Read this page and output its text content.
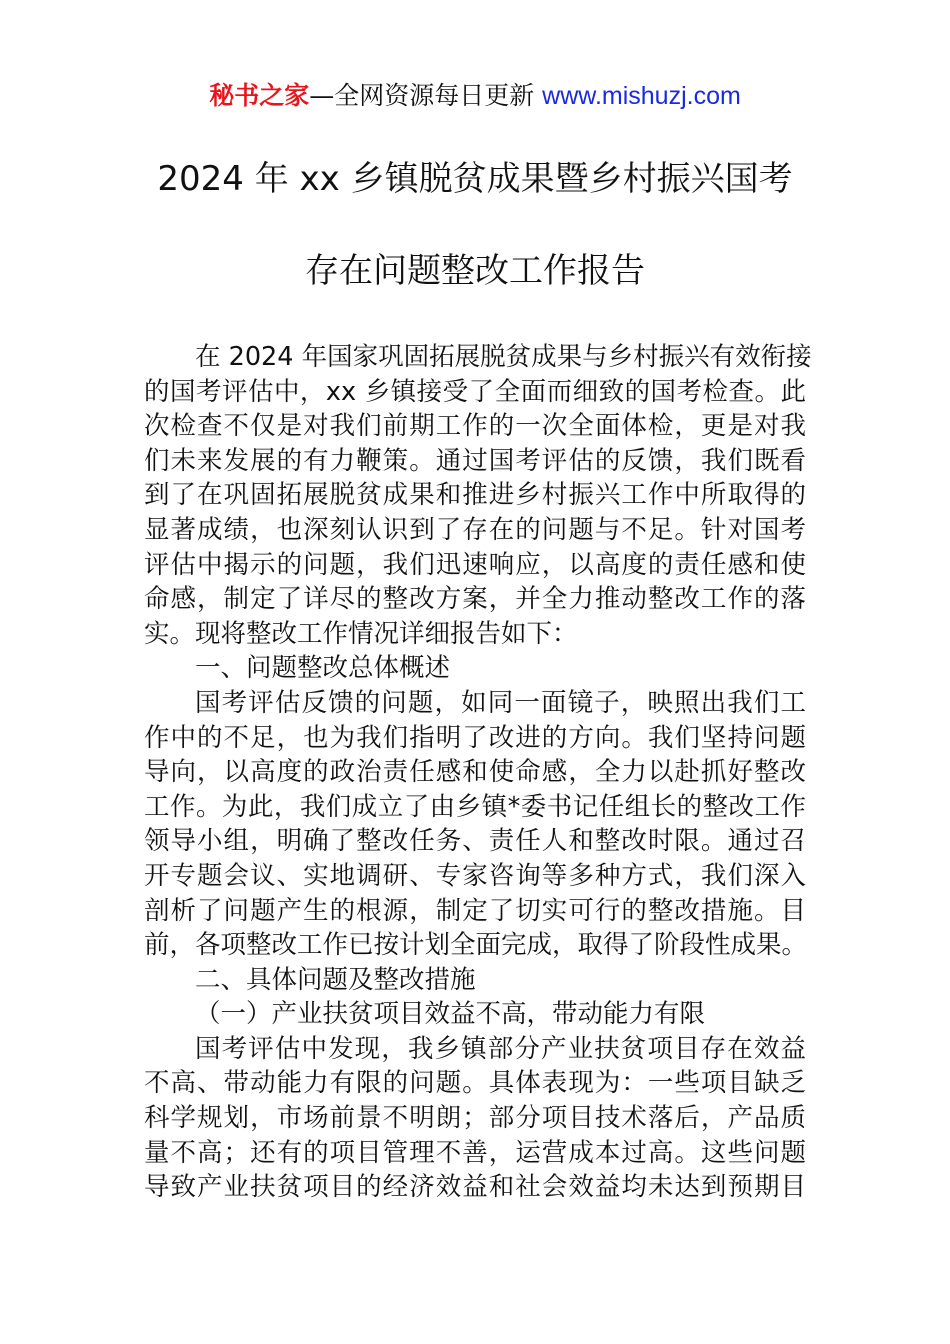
秘书之家—全网资源每日更新 www.mishuzj.com
2024 年 xx 乡镇脱贫成果暨乡村振兴国考
存在问题整改工作报告
在 2024 年国家巩固拓展脱贫成果与乡村振兴有效衔接
的国考评估中，xx 乡镇接受了全面而细致的国考检查。此
次检查不仅是对我们前期工作的一次全面体检，更是对我
们未来发展的有力鞭策。通过国考评估的反馈，我们既看
到了在巩固拓展脱贫成果和推进乡村振兴工作中所取得的
显著成绩，也深刻认识到了存在的问题与不足。针对国考
评估中揭示的问题，我们迅速响应，以高度的责任感和使
命感，制定了详尽的整改方案，并全力推动整改工作的落
实。现将整改工作情况详细报告如下：
一、问题整改总体概述
国考评估反馈的问题，如同一面镜子，映照出我们工
作中的不足，也为我们指明了改进的方向。我们坚持问题
导向，以高度的政治责任感和使命感，全力以赴抓好整改
工作。为此，我们成立了由乡镇*委书记任组长的整改工作
领导小组，明确了整改任务、责任人和整改时限。通过召
开专题会议、实地调研、专家咨询等多种方式，我们深入
剖析了问题产生的根源，制定了切实可行的整改措施。目
前，各项整改工作已按计划全面完成，取得了阶段性成果。
二、具体问题及整改措施
（一）产业扶贫项目效益不高，带动能力有限
国考评估中发现，我乡镇部分产业扶贫项目存在效益
不高、带动能力有限的问题。具体表现为：一些项目缺乏
科学规划，市场前景不明朗；部分项目技术落后，产品质
量不高；还有的项目管理不善，运营成本过高。这些问题
导致产业扶贫项目的经济效益和社会效益均未达到预期目
